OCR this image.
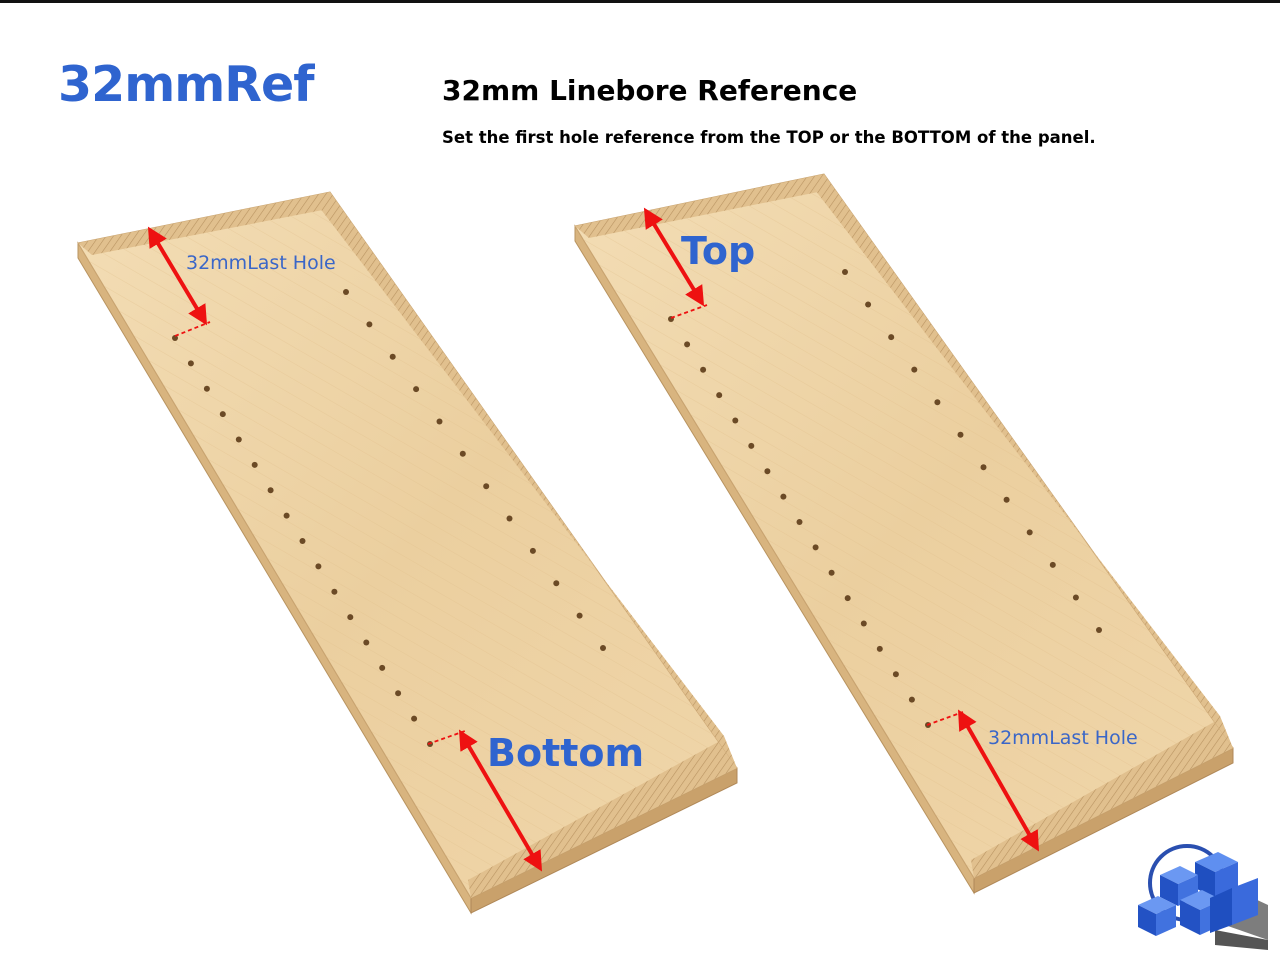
32mmRef	32mm Linebore Reference
Set the first hole reference from the TOP or the BOTTOM of the panel.
32mmLast Hole
Bottom
Top
32mmLast Hole
